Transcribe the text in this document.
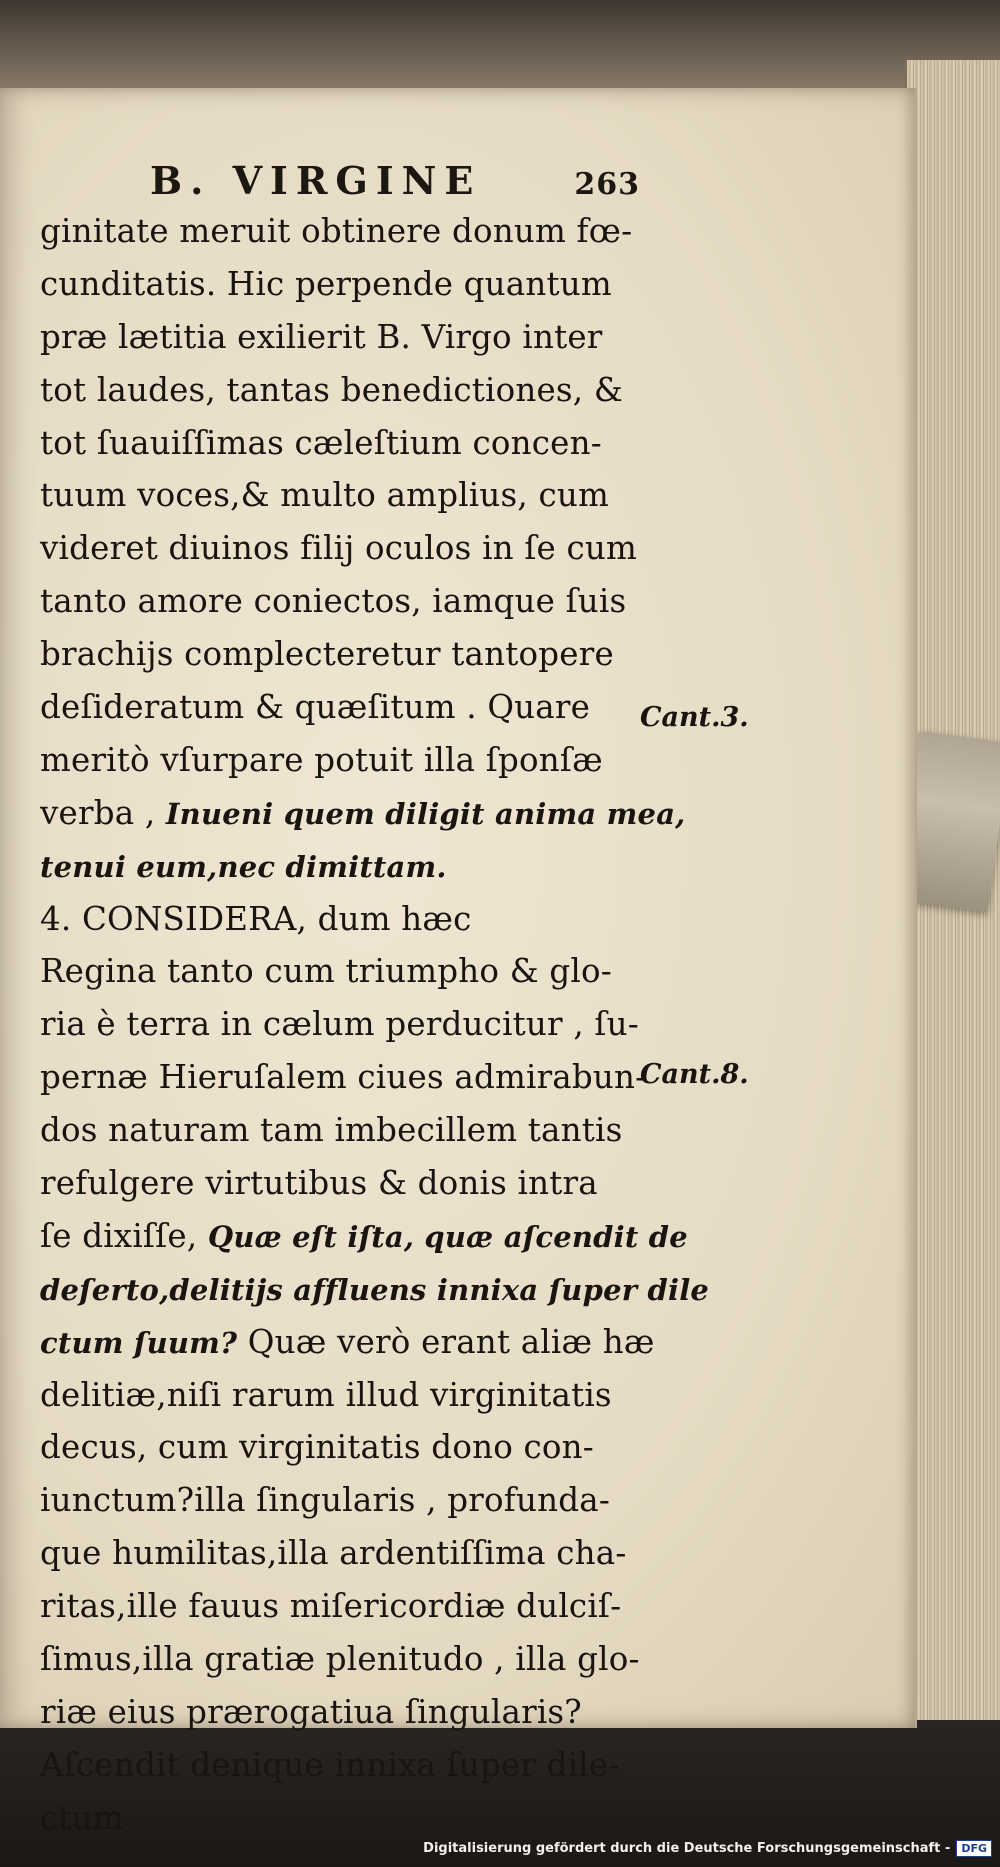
B. VIRGINE	263
ginitate meruit obtinere donum fœ-
cunditatis. Hic perpende quantum
præ lætitia exilierit B. Virgo inter
tot laudes, tantas benedictiones, &
tot ſuauiſſimas cæleſtium concen-
tuum voces,& multo amplius, cum
videret diuinos filij oculos in ſe cum
tanto amore coniectos, iamque ſuis
brachijs complecteretur tantopere
deſideratum & quæſitum . Quare
meritò vſurpare potuit illa ſponſæ
verba , Inueni quem diligit anima mea,
tenui eum,nec dimittam.
4. CONSIDERA, dum hæc
Regina tanto cum triumpho & glo-
ria è terra in cælum perducitur , ſu-
pernæ Hieruſalem ciues admirabun-
dos naturam tam imbecillem tantis
refulgere virtutibus & donis intra
ſe dixiſſe, Quæ eſt iſta, quæ aſcendit de
deſerto,delitijs affluens innixa ſuper dile
ctum ſuum? Quæ verò erant aliæ hæ
delitiæ,niſi rarum illud virginitatis
decus, cum virginitatis dono con-
iunctum?illa ſingularis , profunda-
que humilitas,illa ardentiſſima cha-
ritas,ille fauus miſericordiæ dulciſ-
ſimus,illa gratiæ plenitudo , illa glo-
riæ eius prærogatiua ſingularis?
Aſcendit denique innixa ſuper dile-
ctum
Cant.3.
Cant.8.
Digitalisierung gefördert durch die Deutsche Forschungsgemeinschaft -	DFG
